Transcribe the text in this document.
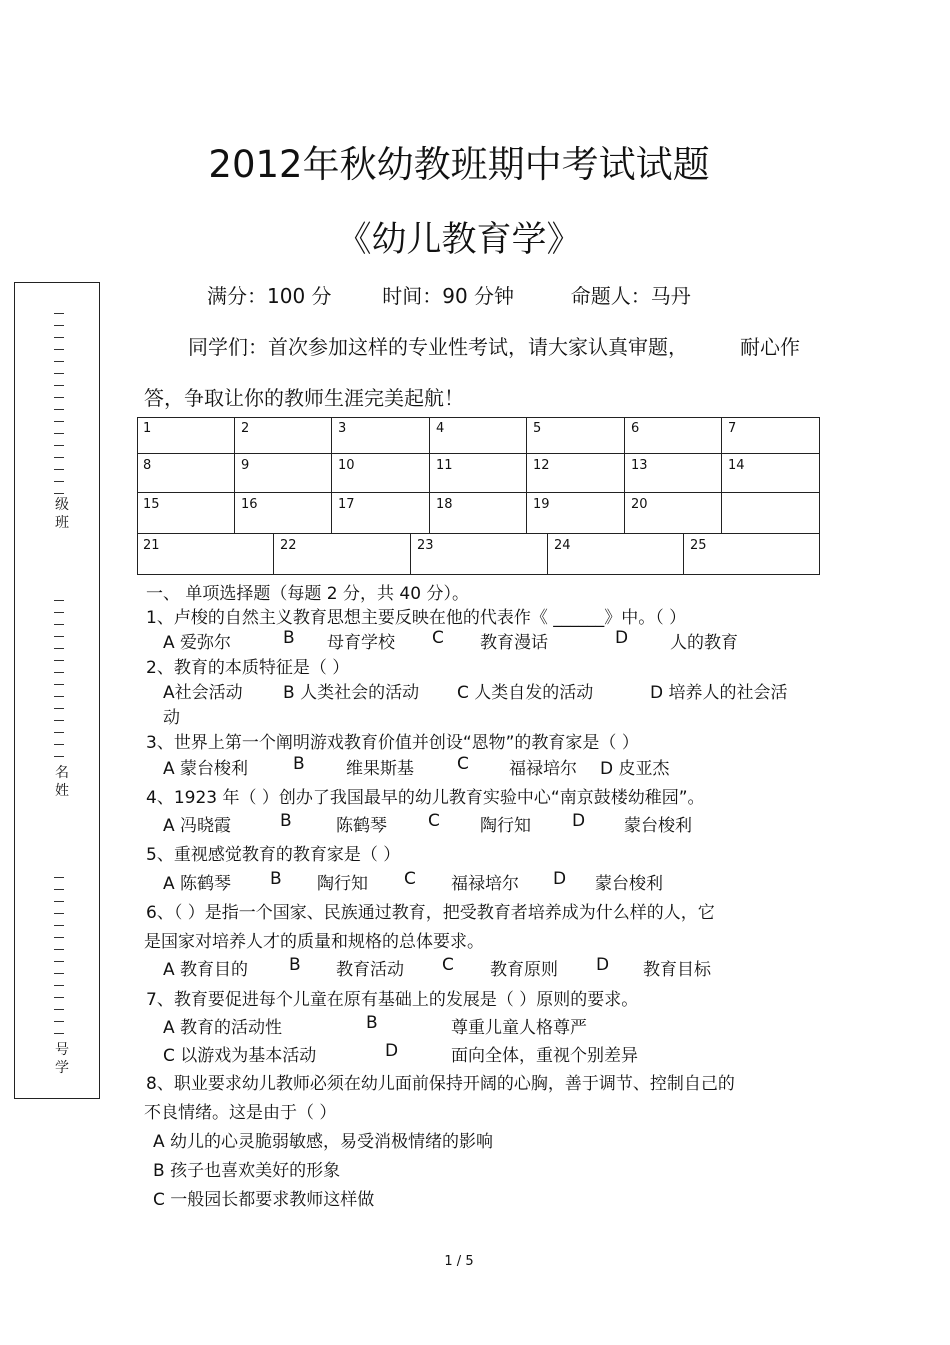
2012年秋幼教班期中考试试题
《幼儿教育学》
满分：100 分	时间：90 分钟	命题人：马丹
同学们：首次参加这样的专业性考试，请大家认真审题，	耐心作
答，争取让你的教师生涯完美起航！
1	2	3	4	5	6	7
8	9	10	11	12	13	14
15	16	17	18	19	20
21	22	23	24	25
级班
名姓
号学
一、 单项选择题（每题 2 分，共 40 分）。
1、卢梭的自然主义教育思想主要反映在他的代表作《 ______》中。（ ）
A 爱弥尔	B 母育学校 C 教育漫话	D 人的教育
2、教育的本质特征是（ ）
A社会活动 B 人类社会的活动 C 人类自发的活动	D 培养人的社会活
动
3、世界上第一个阐明游戏教育价值并创设“恩物”的教育家是（ ）
A 蒙台梭利	B 维果斯基	C 福禄培尔 D 皮亚杰
4、1923 年（ ）创办了我国最早的幼儿教育实验中心“南京鼓楼幼稚园”。
A 冯晓霞	B	陈鹤琴 C 陶行知 D 蒙台梭利
5、重视感觉教育的教育家是（ ）
A 陈鹤琴 B 陶行知 C 福禄培尔 D 蒙台梭利
6、（ ）是指一个国家、民族通过教育，把受教育者培养成为什么样的人，它
是国家对培养人才的质量和规格的总体要求。
A 教育目的 B 教育活动 C 教育原则 D 教育目标
7、教育要促进每个儿童在原有基础上的发展是（ ）原则的要求。
A 教育的活动性	B	尊重儿童人格尊严
C 以游戏为基本活动	D	面向全体，重视个别差异
8、职业要求幼儿教师必须在幼儿面前保持开阔的心胸，善于调节、控制自己的
不良情绪。这是由于（ ）
A 幼儿的心灵脆弱敏感，易受消极情绪的影响
B 孩子也喜欢美好的形象
C 一般园长都要求教师这样做
1 / 5
